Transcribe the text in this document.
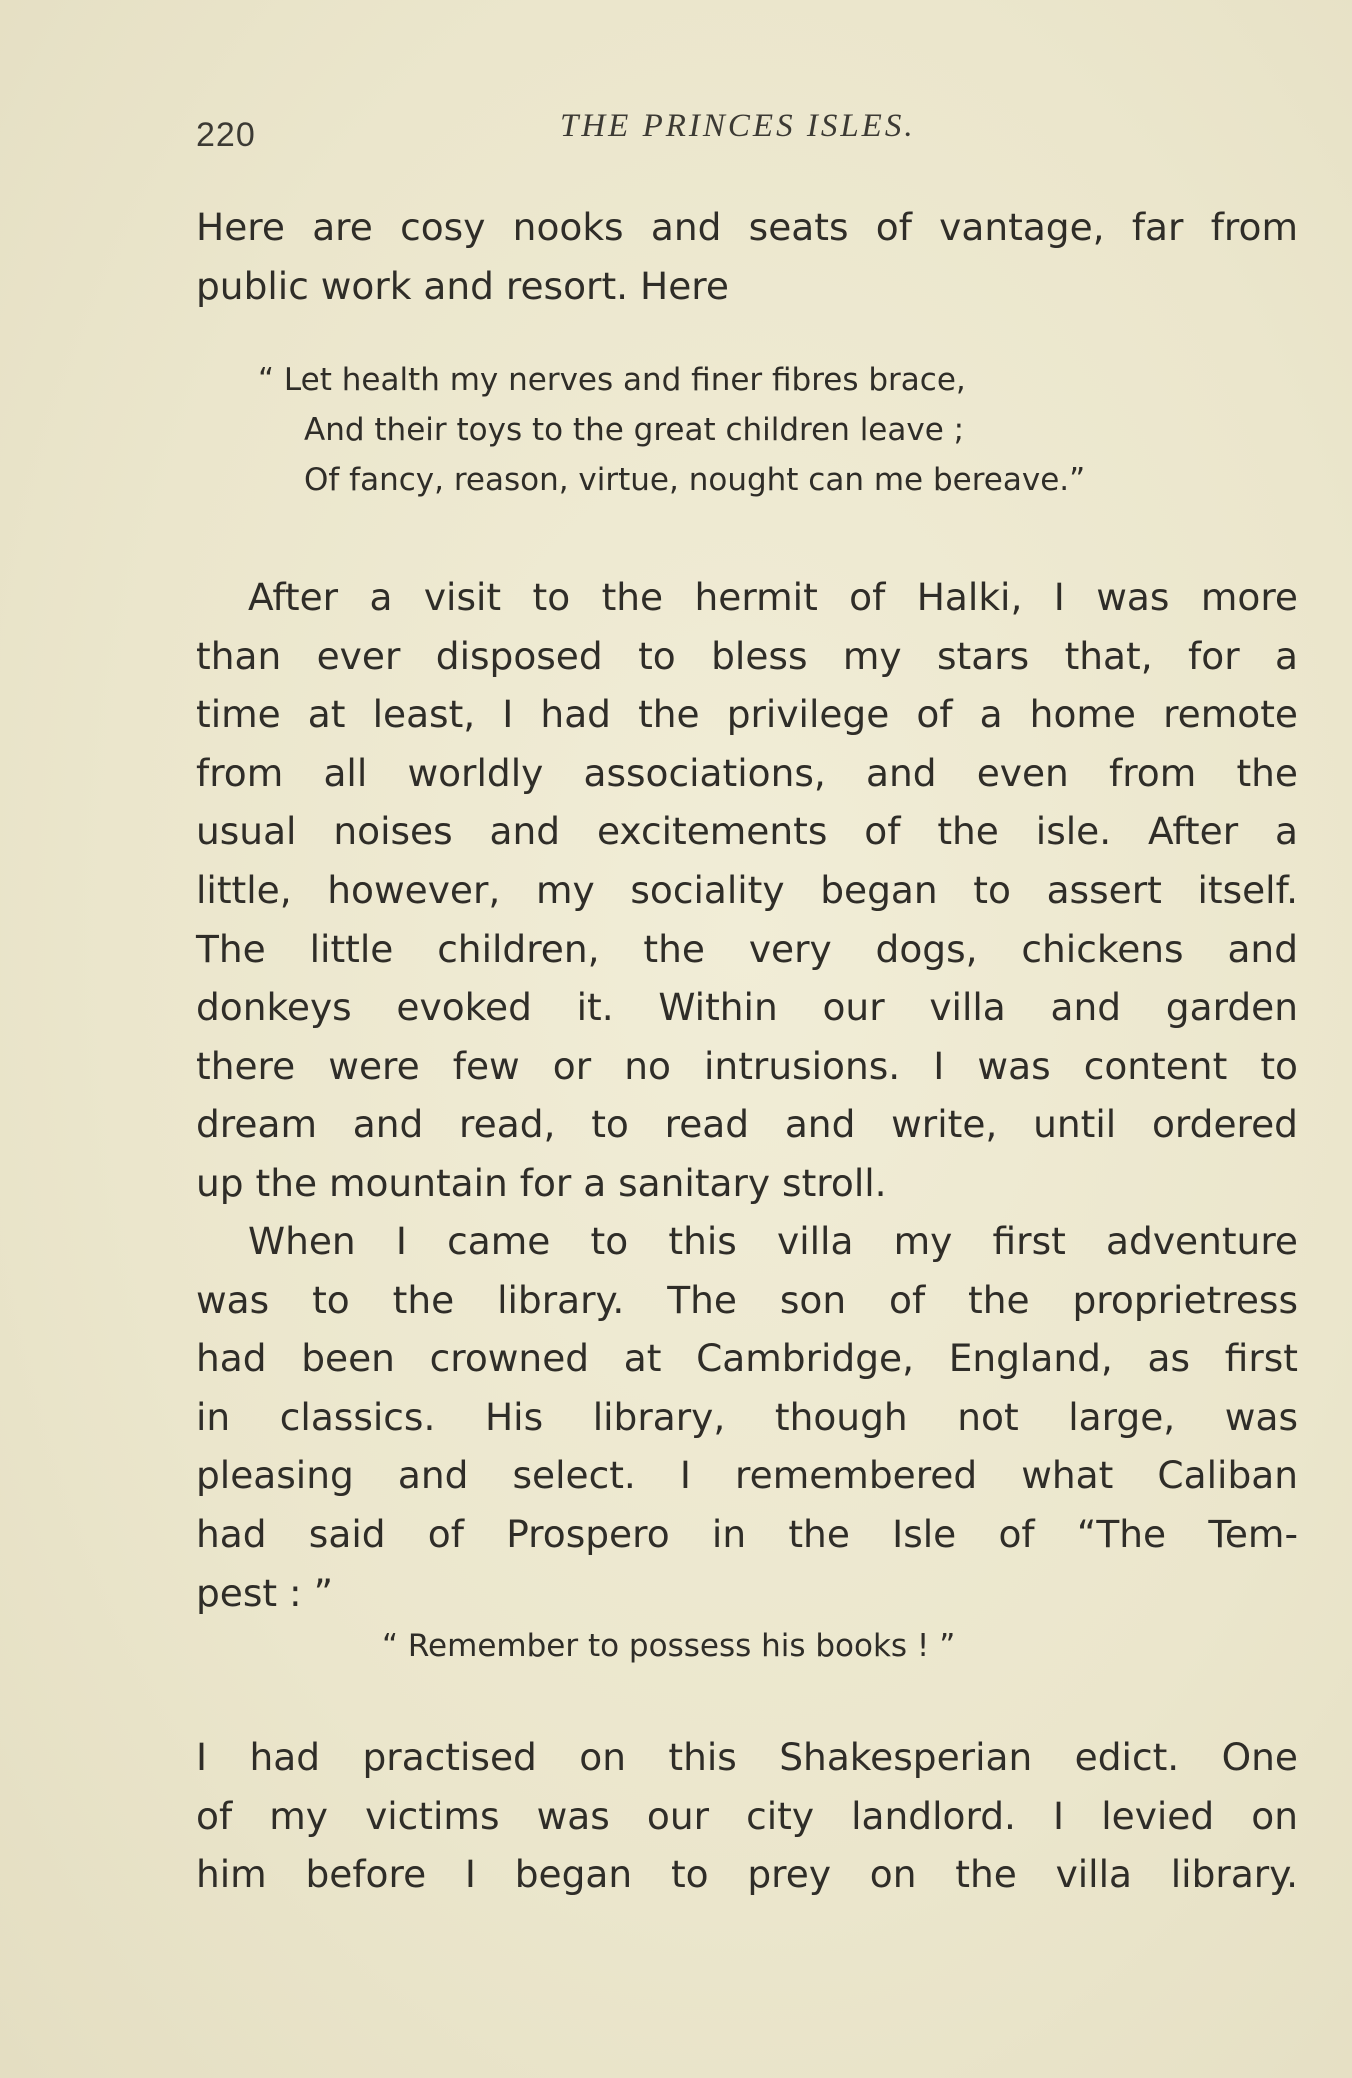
220	THE PRINCES ISLES.
Here are cosy nooks and seats of vantage, far from
public work and resort. Here
“ Let health my nerves and finer fibres brace,
And their toys to the great children leave ;
Of fancy, reason, virtue, nought can me bereave.”
After a visit to the hermit of Halki, I was more
than ever disposed to bless my stars that, for a
time at least, I had the privilege of a home remote
from all worldly associations, and even from the
usual noises and excitements of the isle. After a
little, however, my sociality began to assert itself.
The little children, the very dogs, chickens and
donkeys evoked it. Within our villa and garden
there were few or no intrusions. I was content to
dream and read, to read and write, until ordered
up the mountain for a sanitary stroll.
When I came to this villa my first adventure
was to the library. The son of the proprietress
had been crowned at Cambridge, England, as first
in classics. His library, though not large, was
pleasing and select. I remembered what Caliban
had said of Prospero in the Isle of “The Tem-
pest : ”
“ Remember to possess his books ! ”
I had practised on this Shakesperian edict. One
of my victims was our city landlord. I levied on
him before I began to prey on the villa library.
